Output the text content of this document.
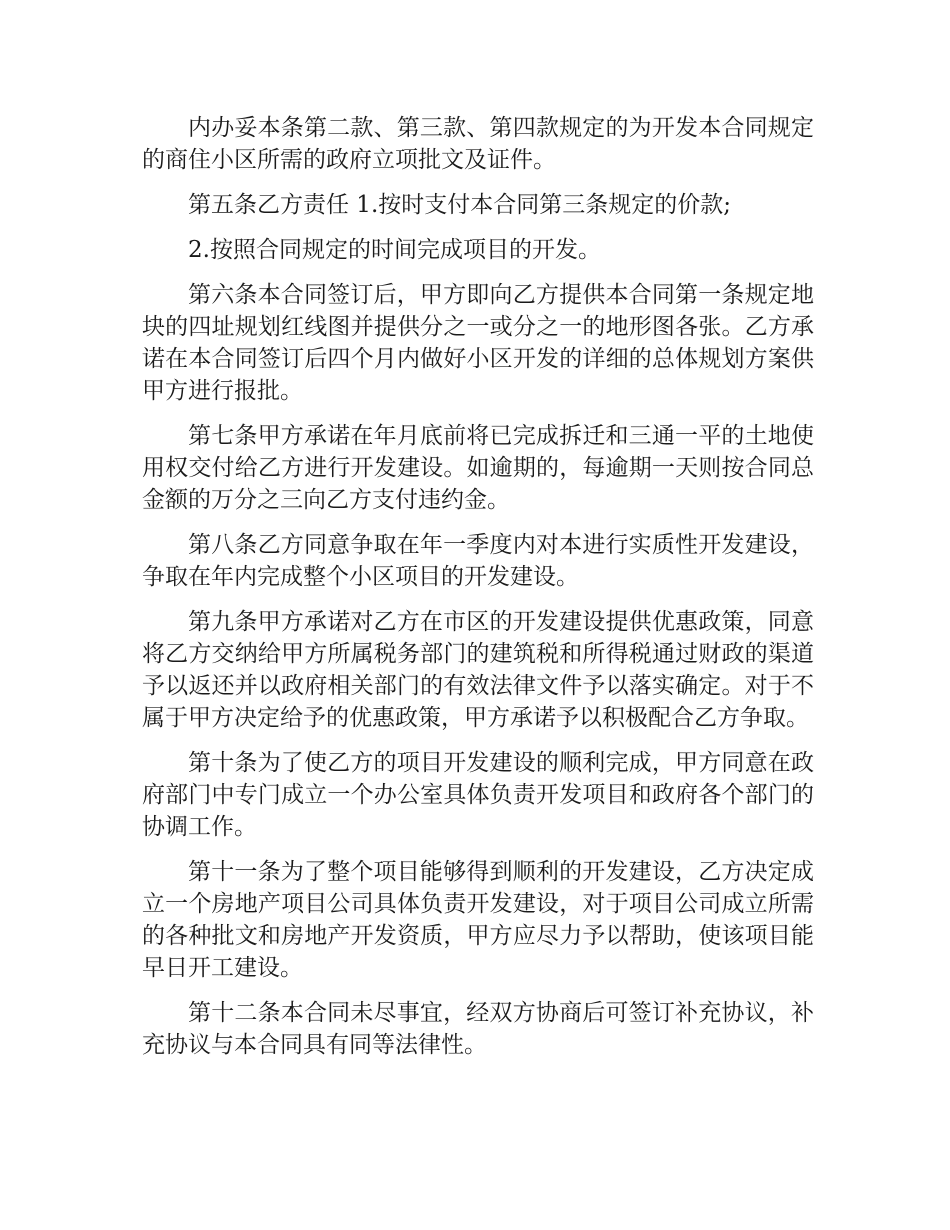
内办妥本条第二款、第三款、第四款规定的为开发本合同规定的商住小区所需的政府立项批文及证件。

第五条乙方责任 1.按时支付本合同第三条规定的价款;

2.按照合同规定的时间完成项目的开发。

第六条本合同签订后，甲方即向乙方提供本合同第一条规定地块的四址规划红线图并提供分之一或分之一的地形图各张。乙方承诺在本合同签订后四个月内做好小区开发的详细的总体规划方案供甲方进行报批。

第七条甲方承诺在年月底前将已完成拆迁和三通一平的土地使用权交付给乙方进行开发建设。如逾期的，每逾期一天则按合同总金额的万分之三向乙方支付违约金。

第八条乙方同意争取在年一季度内对本进行实质性开发建设，争取在年内完成整个小区项目的开发建设。

第九条甲方承诺对乙方在市区的开发建设提供优惠政策，同意将乙方交纳给甲方所属税务部门的建筑税和所得税通过财政的渠道予以返还并以政府相关部门的有效法律文件予以落实确定。对于不属于甲方决定给予的优惠政策，甲方承诺予以积极配合乙方争取。

第十条为了使乙方的项目开发建设的顺利完成，甲方同意在政府部门中专门成立一个办公室具体负责开发项目和政府各个部门的协调工作。

第十一条为了整个项目能够得到顺利的开发建设，乙方决定成立一个房地产项目公司具体负责开发建设，对于项目公司成立所需的各种批文和房地产开发资质，甲方应尽力予以帮助，使该项目能早日开工建设。

第十二条本合同未尽事宜，经双方协商后可签订补充协议，补充协议与本合同具有同等法律性。
